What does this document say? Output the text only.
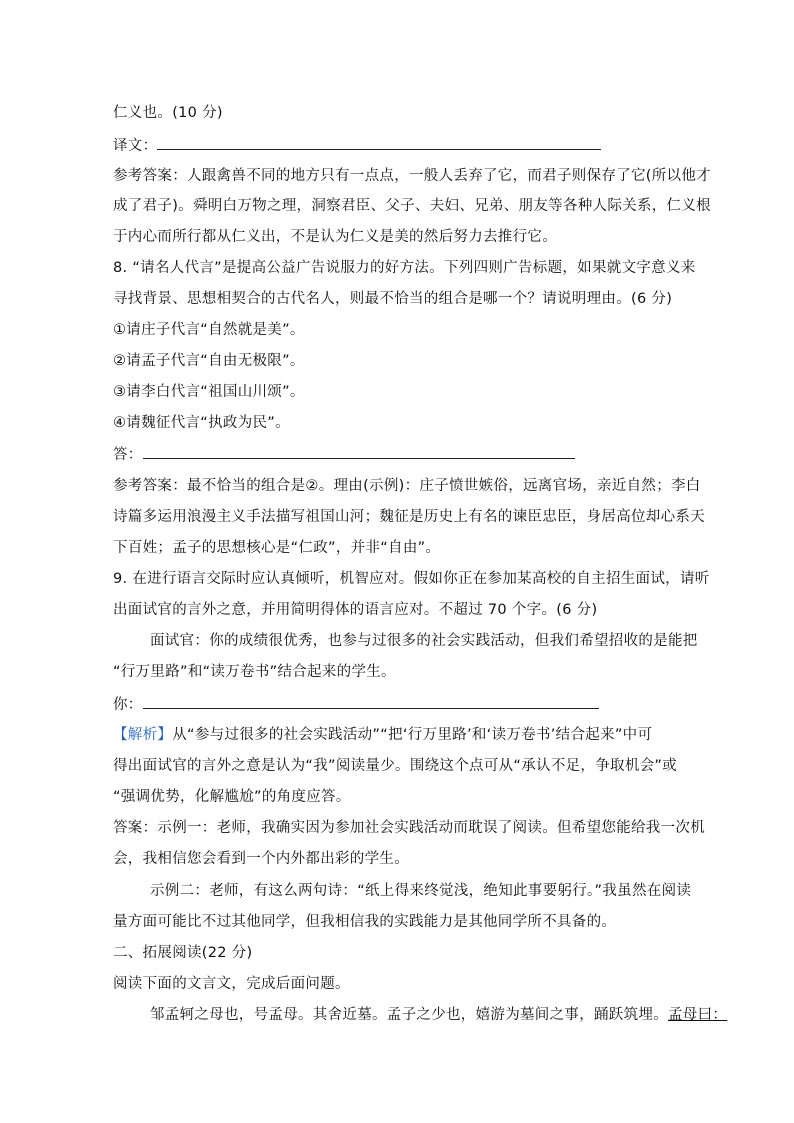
仁义也。(10 分)
译文：
参考答案：人跟禽兽不同的地方只有一点点，一般人丢弃了它，而君子则保存了它(所以他才
成了君子)。舜明白万物之理，洞察君臣、父子、夫妇、兄弟、朋友等各种人际关系，仁义根
于内心而所行都从仁义出，不是认为仁义是美的然后努力去推行它。
8. “请名人代言”是提高公益广告说服力的好方法。下列四则广告标题，如果就文字意义来
寻找背景、思想相契合的古代名人，则最不恰当的组合是哪一个？请说明理由。(6 分)
①请庄子代言“自然就是美”。
②请孟子代言“自由无极限”。
③请李白代言“祖国山川颂”。
④请魏征代言“执政为民”。
答：
参考答案：最不恰当的组合是②。理由(示例)：庄子愤世嫉俗，远离官场，亲近自然；李白
诗篇多运用浪漫主义手法描写祖国山河；魏征是历史上有名的谏臣忠臣，身居高位却心系天
下百姓；孟子的思想核心是“仁政”，并非“自由”。
9. 在进行语言交际时应认真倾听，机智应对。假如你正在参加某高校的自主招生面试，请听
出面试官的言外之意，并用简明得体的语言应对。不超过 70 个字。(6 分)
面试官：你的成绩很优秀，也参与过很多的社会实践活动，但我们希望招收的是能把
“行万里路”和“读万卷书”结合起来的学生。
你：
【解析】从“参与过很多的社会实践活动”“把‘行万里路’和‘读万卷书’结合起来”中可
得出面试官的言外之意是认为“我”阅读量少。围绕这个点可从“承认不足，争取机会”或
“强调优势，化解尴尬”的角度应答。
答案：示例一：老师，我确实因为参加社会实践活动而耽误了阅读。但希望您能给我一次机
会，我相信您会看到一个内外都出彩的学生。
示例二：老师，有这么两句诗：“纸上得来终觉浅，绝知此事要躬行。”我虽然在阅读
量方面可能比不过其他同学，但我相信我的实践能力是其他同学所不具备的。
二、拓展阅读(22 分)
阅读下面的文言文，完成后面问题。
邹孟轲之母也，号孟母。其舍近墓。孟子之少也，嬉游为墓间之事，踊跃筑埋。孟母曰：
